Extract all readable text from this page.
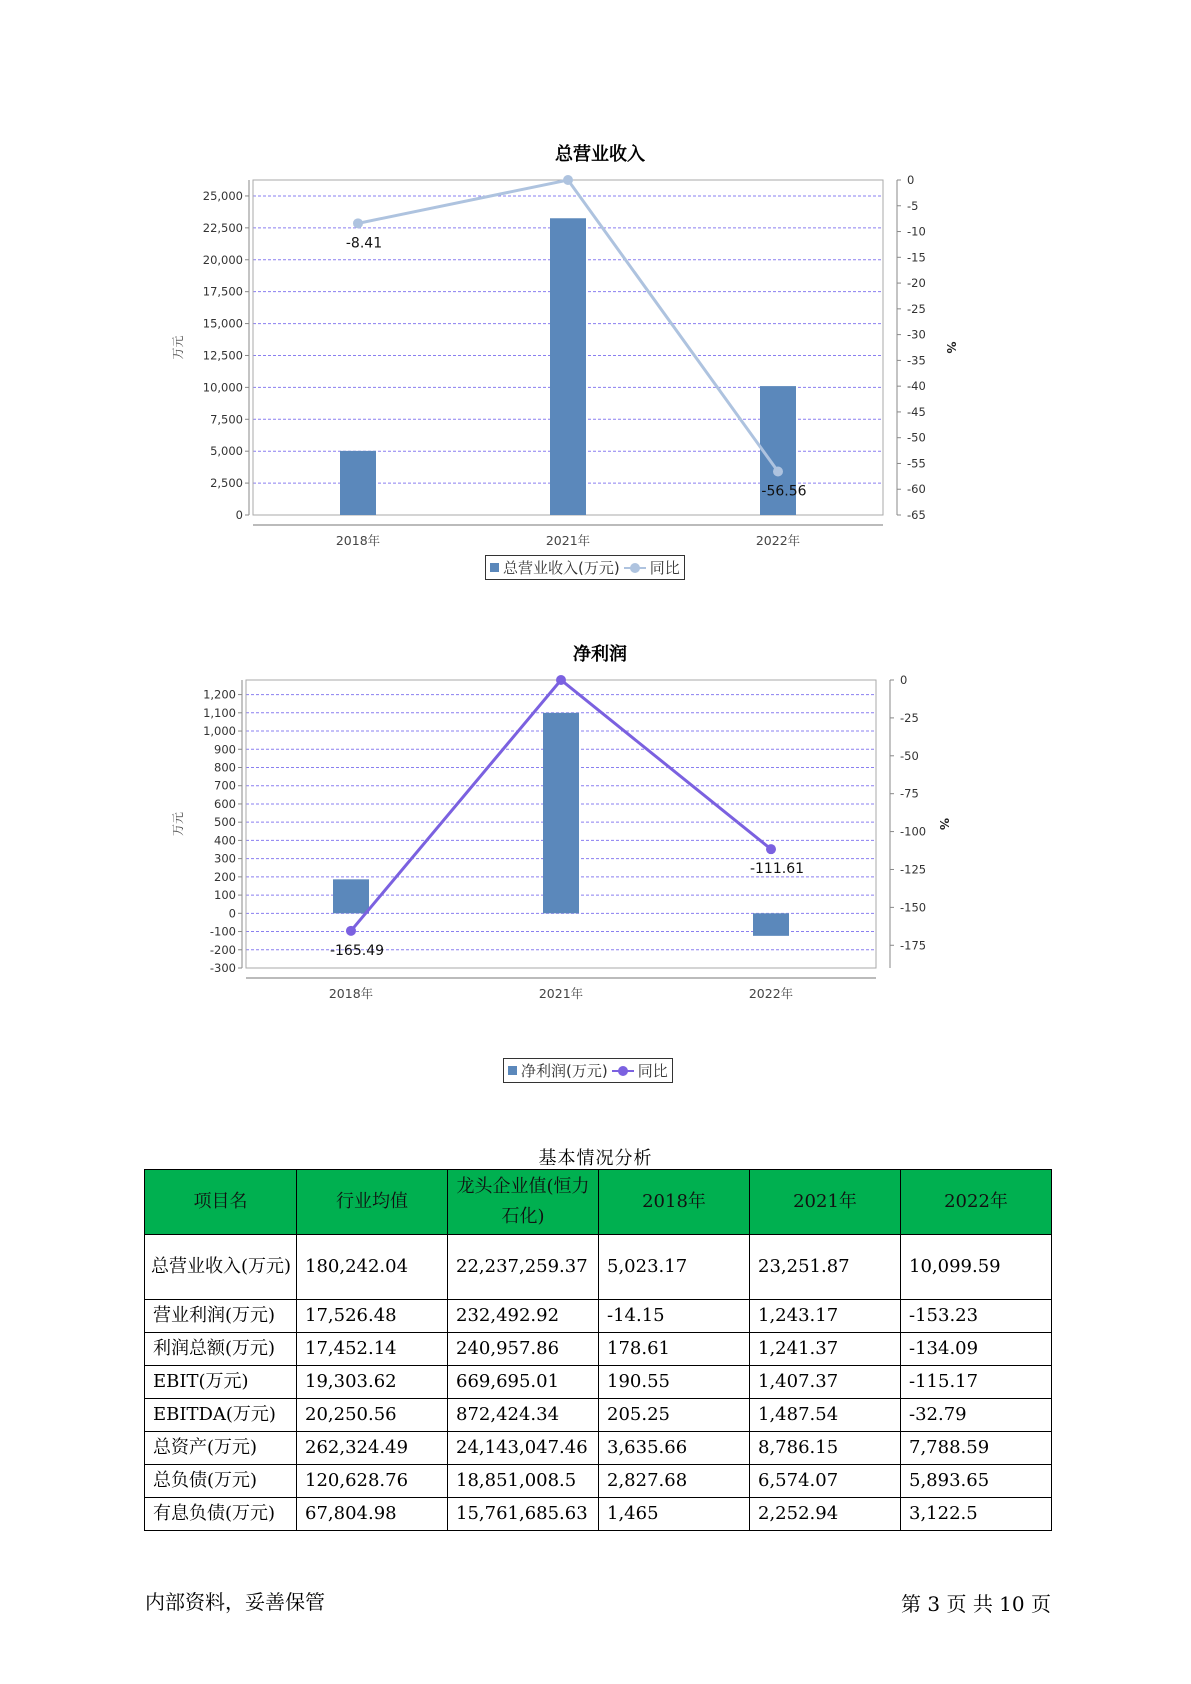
总营业收入
0
2,500
5,000
7,500
10,000
12,500
15,000
17,500
20,000
22,500
25,000
万元
0
-5
-10
-15
-20
-25
-30
-35
-40
-45
-50
-55
-60
-65
%
2018年	2021年	2022年
-8.41
-56.56
总营业收入(万元) 同比
净利润
-300
-200
-100
0
100
200
300
400
500
600
700
800
900
1,000
1,100
1,200
万元
0
-25
-50
-75
-100
-125
-150
-175
%
2018年	2021年	2022年
-165.49
-111.61
净利润(万元) 同比
基本情况分析
项目名	行业均值	龙头企业值(恒力石化)	2018年	2021年	2022年
总营业收入(万元)	180,242.04	22,237,259.37	5,023.17	23,251.87	10,099.59
营业利润(万元)	17,526.48	232,492.92	-14.15	1,243.17	-153.23
利润总额(万元)	17,452.14	240,957.86	178.61	1,241.37	-134.09
EBIT(万元)	19,303.62	669,695.01	190.55	1,407.37	-115.17
EBITDA(万元)	20,250.56	872,424.34	205.25	1,487.54	-32.79
总资产(万元)	262,324.49	24,143,047.46	3,635.66	8,786.15	7,788.59
总负债(万元)	120,628.76	18,851,008.5	2,827.68	6,574.07	5,893.65
有息负债(万元)	67,804.98	15,761,685.63	1,465	2,252.94	3,122.5
内部资料，妥善保管	第 3 页 共 10 页
